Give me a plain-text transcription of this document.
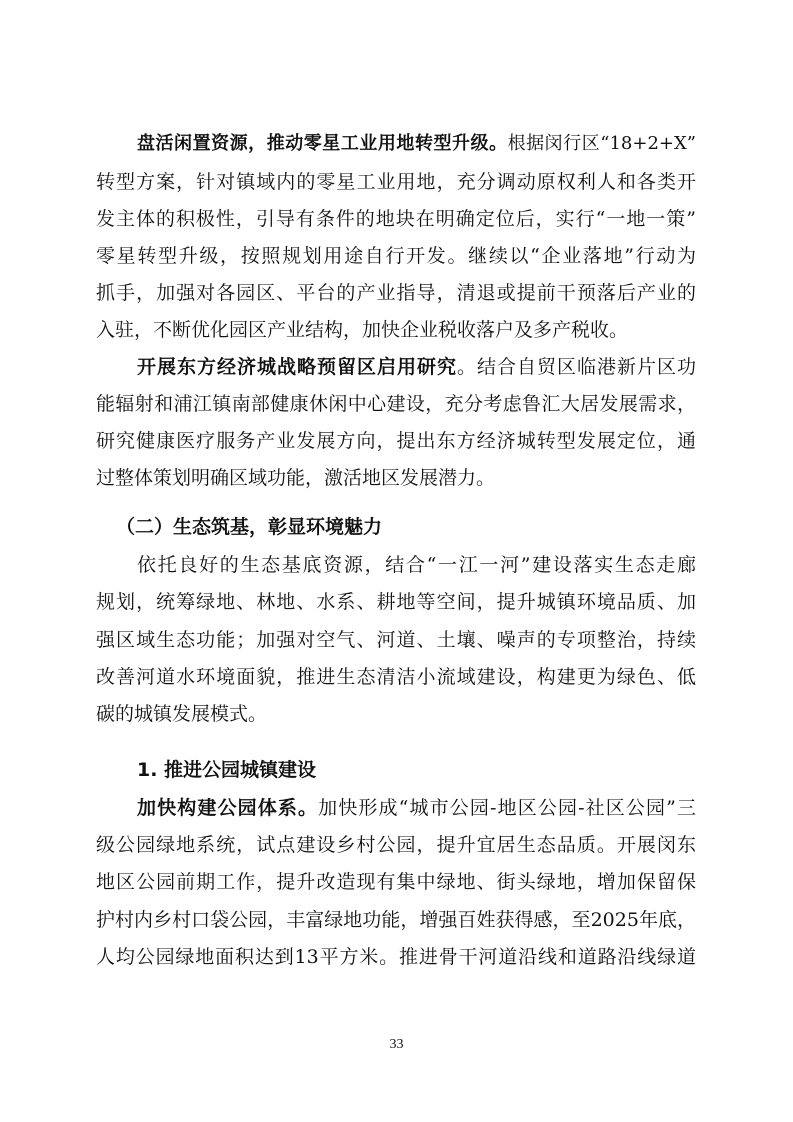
盘活闲置资源，推动零星工业用地转型升级。根据闵行区“18+2+X”
转型方案，针对镇域内的零星工业用地，充分调动原权利人和各类开
发主体的积极性，引导有条件的地块在明确定位后，实行“一地一策”
零星转型升级，按照规划用途自行开发。继续以“企业落地”行动为
抓手，加强对各园区、平台的产业指导，清退或提前干预落后产业的
入驻，不断优化园区产业结构，加快企业税收落户及多产税收。
开展东方经济城战略预留区启用研究。结合自贸区临港新片区功
能辐射和浦江镇南部健康休闲中心建设，充分考虑鲁汇大居发展需求，
研究健康医疗服务产业发展方向，提出东方经济城转型发展定位，通
过整体策划明确区域功能，激活地区发展潜力。
（二）生态筑基，彰显环境魅力
依托良好的生态基底资源，结合“一江一河”建设落实生态走廊
规划，统筹绿地、林地、水系、耕地等空间，提升城镇环境品质、加
强区域生态功能；加强对空气、河道、土壤、噪声的专项整治，持续
改善河道水环境面貌，推进生态清洁小流域建设，构建更为绿色、低
碳的城镇发展模式。
1. 推进公园城镇建设
加快构建公园体系。加快形成“城市公园-地区公园-社区公园”三
级公园绿地系统，试点建设乡村公园，提升宜居生态品质。开展闵东
地区公园前期工作，提升改造现有集中绿地、街头绿地，增加保留保
护村内乡村口袋公园，丰富绿地功能，增强百姓获得感，至2025年底，
人均公园绿地面积达到13平方米。推进骨干河道沿线和道路沿线绿道
33
